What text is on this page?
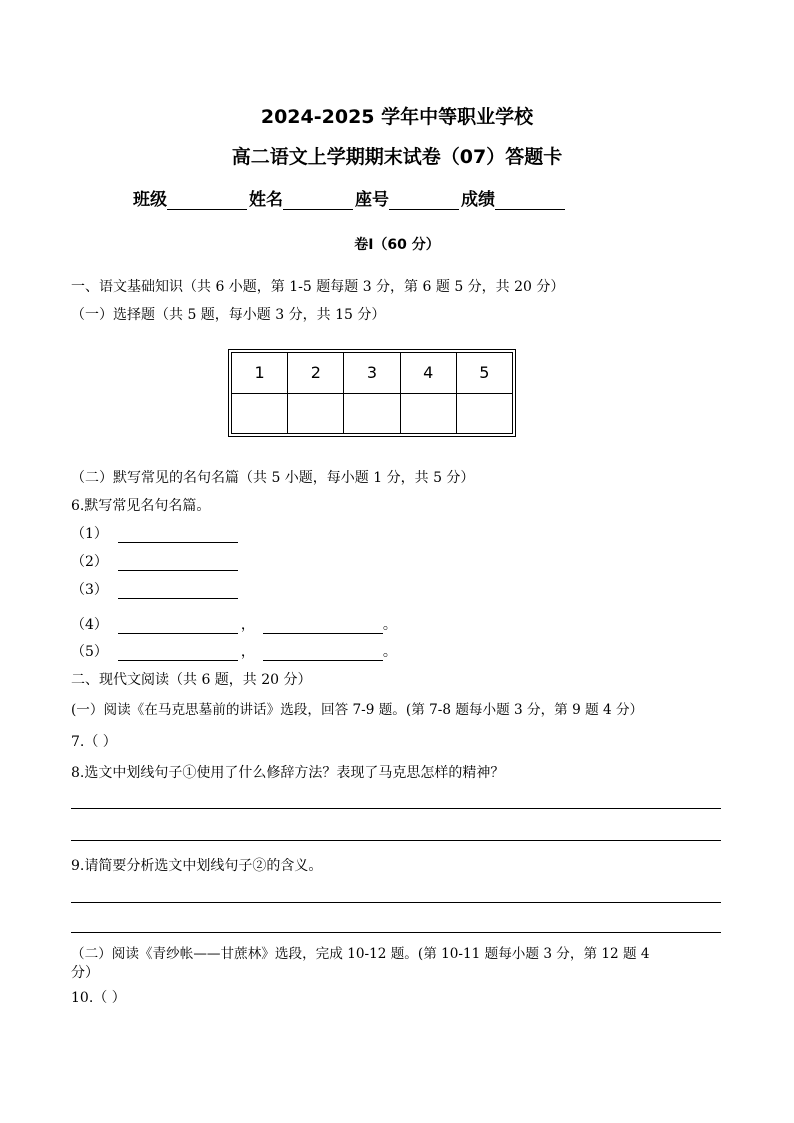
2024-2025 学年中等职业学校
高二语文上学期期末试卷（07）答题卡
班级	姓名	座号	成绩
卷Ⅰ（60 分）
一、语文基础知识（共 6 小题，第 1-5 题每题 3 分，第 6 题 5 分，共 20 分）
（一）选择题（共 5 题，每小题 3 分，共 15 分）
1	2	3	4	5

（二）默写常见的名句名篇（共 5 小题，每小题 1 分，共 5 分）
6.默写常见名句名篇。
（1）
（2）
（3）
（4）	，	。
（5）	，	。
二、现代文阅读（共 6 题，共 20 分）
(一）阅读《在马克思墓前的讲话》选段，回答 7-9 题。(第 7-8 题每小题 3 分，第 9 题 4 分）
7.（ ）
8.选文中划线句子①使用了什么修辞方法？表现了马克思怎样的精神？
9.请简要分析选文中划线句子②的含义。
（二）阅读《青纱帐——甘蔗林》选段，完成 10-12 题。(第 10-11 题每小题 3 分，第 12 题 4
分）
10.（ ）
